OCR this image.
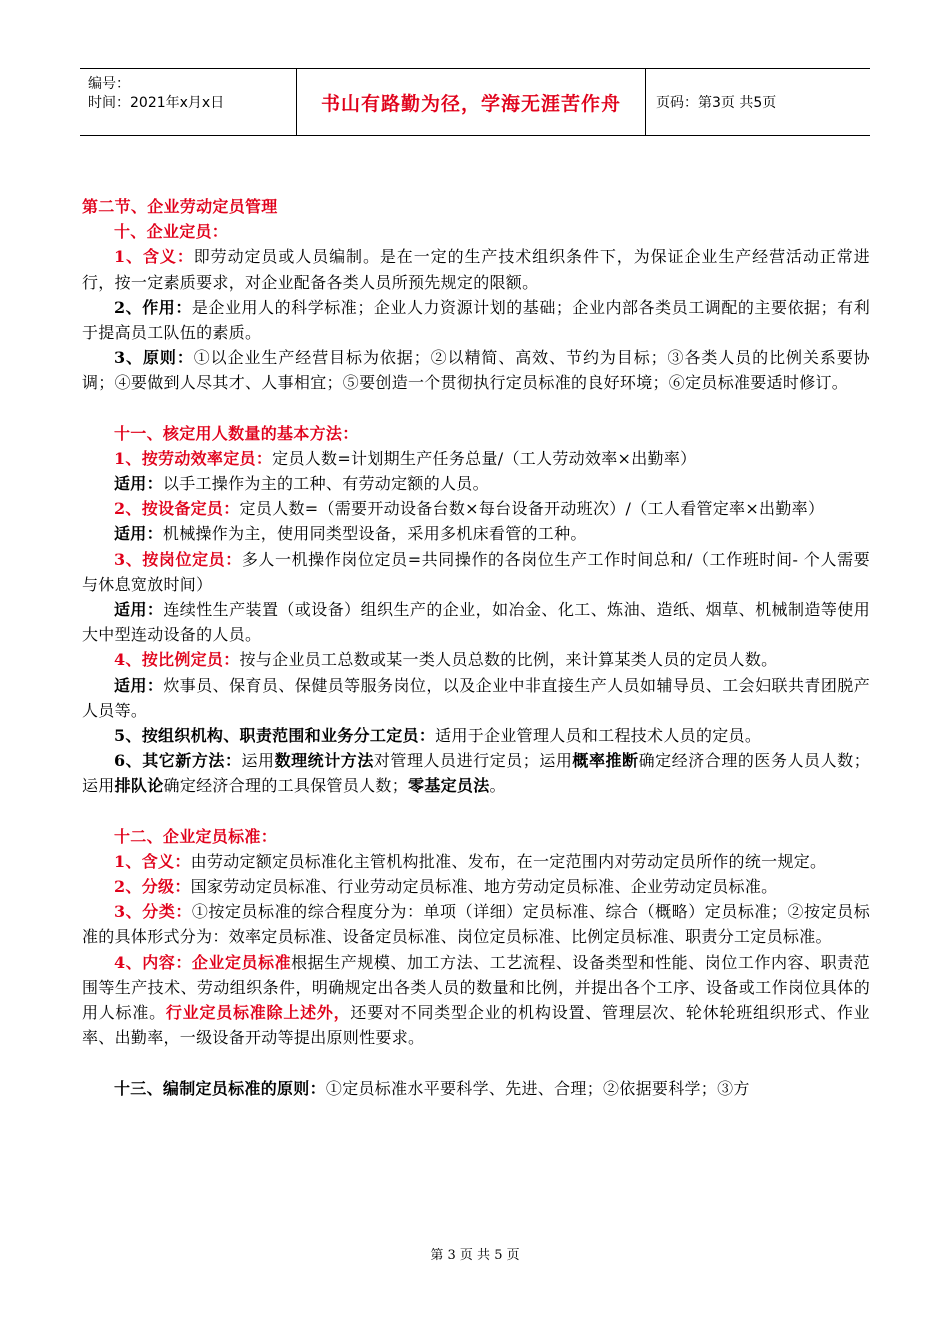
编号：
时间：2021年x月x日	书山有路勤为径，学海无涯苦作舟	页码：第3页 共5页

第二节、企业劳动定员管理

十、企业定员：

1、含义：即劳动定员或人员编制。是在一定的生产技术组织条件下，为保证企业生产经营活动正常进行，按一定素质要求，对企业配备各类人员所预先规定的限额。

2、作用：是企业用人的科学标准；企业人力资源计划的基础；企业内部各类员工调配的主要依据；有利于提高员工队伍的素质。

3、原则：①以企业生产经营目标为依据；②以精简、高效、节约为目标；③各类人员的比例关系要协调；④要做到人尽其才、人事相宜；⑤要创造一个贯彻执行定员标准的良好环境；⑥定员标准要适时修订。

十一、核定用人数量的基本方法：

1、按劳动效率定员：定员人数=计划期生产任务总量/（工人劳动效率×出勤率）

适用：以手工操作为主的工种、有劳动定额的人员。

2、按设备定员：定员人数=（需要开动设备台数×每台设备开动班次）/（工人看管定率×出勤率）

适用：机械操作为主，使用同类型设备，采用多机床看管的工种。

3、按岗位定员：多人一机操作岗位定员=共同操作的各岗位生产工作时间总和/（工作班时间- 个人需要与休息宽放时间）

适用：连续性生产装置（或设备）组织生产的企业，如冶金、化工、炼油、造纸、烟草、机械制造等使用大中型连动设备的人员。

4、按比例定员：按与企业员工总数或某一类人员总数的比例，来计算某类人员的定员人数。

适用：炊事员、保育员、保健员等服务岗位，以及企业中非直接生产人员如辅导员、工会妇联共青团脱产人员等。

5、按组织机构、职责范围和业务分工定员：适用于企业管理人员和工程技术人员的定员。

6、其它新方法：运用数理统计方法对管理人员进行定员；运用概率推断确定经济合理的医务人员人数；运用排队论确定经济合理的工具保管员人数；零基定员法。

十二、企业定员标准：

1、含义：由劳动定额定员标准化主管机构批准、发布，在一定范围内对劳动定员所作的统一规定。

2、分级：国家劳动定员标准、行业劳动定员标准、地方劳动定员标准、企业劳动定员标准。

3、分类：①按定员标准的综合程度分为：单项（详细）定员标准、综合（概略）定员标准；②按定员标准的具体形式分为：效率定员标准、设备定员标准、岗位定员标准、比例定员标准、职责分工定员标准。

4、内容：企业定员标准根据生产规模、加工方法、工艺流程、设备类型和性能、岗位工作内容、职责范围等生产技术、劳动组织条件，明确规定出各类人员的数量和比例，并提出各个工序、设备或工作岗位具体的用人标准。行业定员标准除上述外，还要对不同类型企业的机构设置、管理层次、轮休轮班组织形式、作业率、出勤率，一级设备开动等提出原则性要求。

十三、编制定员标准的原则：①定员标准水平要科学、先进、合理；②依据要科学；③方

第 3 页 共 5 页
